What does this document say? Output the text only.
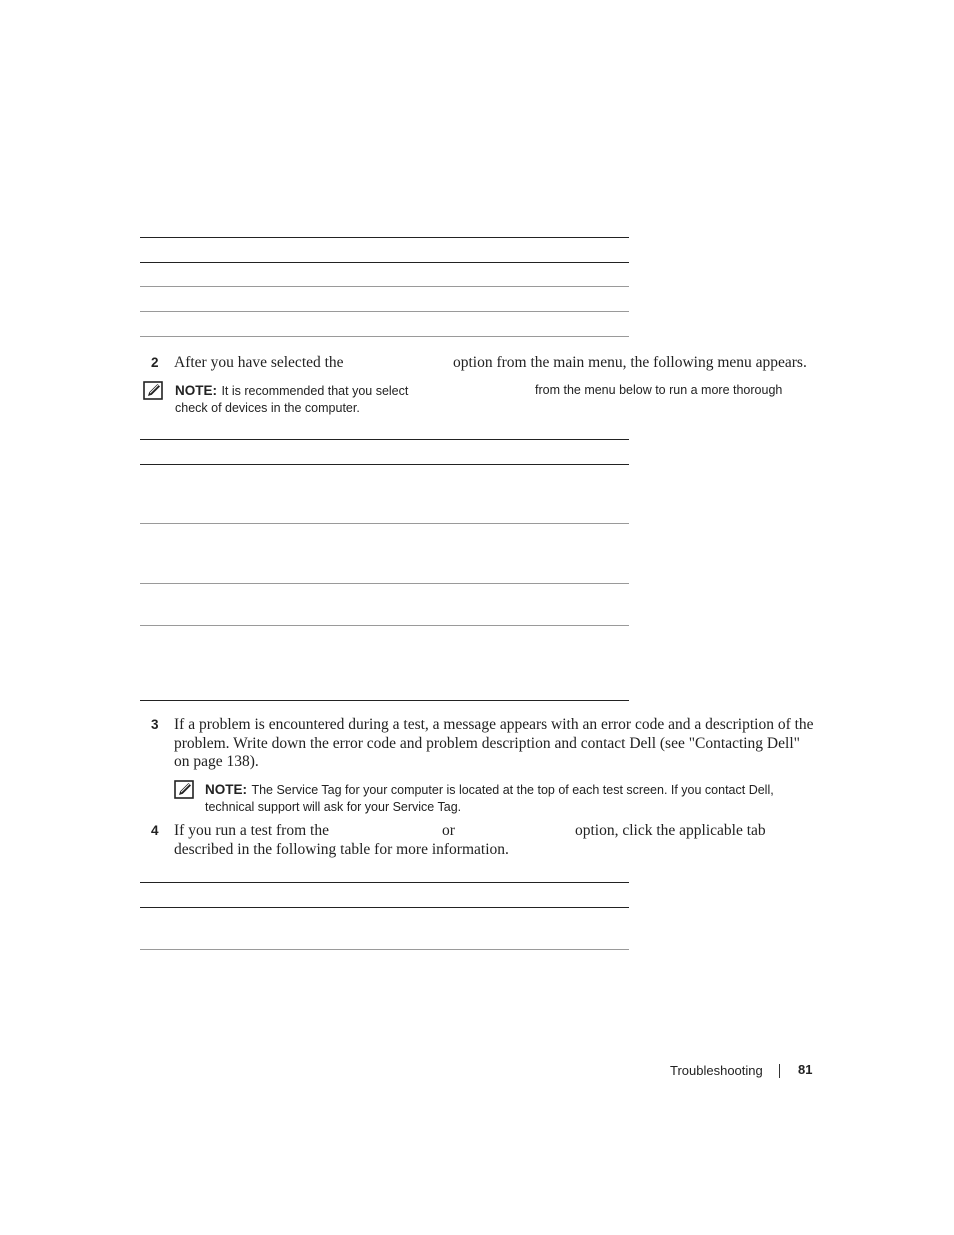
2 After you have selected the	option from the main menu, the following menu appears.
NOTE: It is recommended that you select	from the menu below to run a more thorough
check of devices in the computer.
3 If a problem is encountered during a test, a message appears with an error code and a description of the
problem. Write down the error code and problem description and contact Dell (see "Contacting Dell"
on page 138).
NOTE: The Service Tag for your computer is located at the top of each test screen. If you contact Dell,
technical support will ask for your Service Tag.
4 If you run a test from the	or	option, click the applicable tab
described in the following table for more information.
Troubleshooting	81
